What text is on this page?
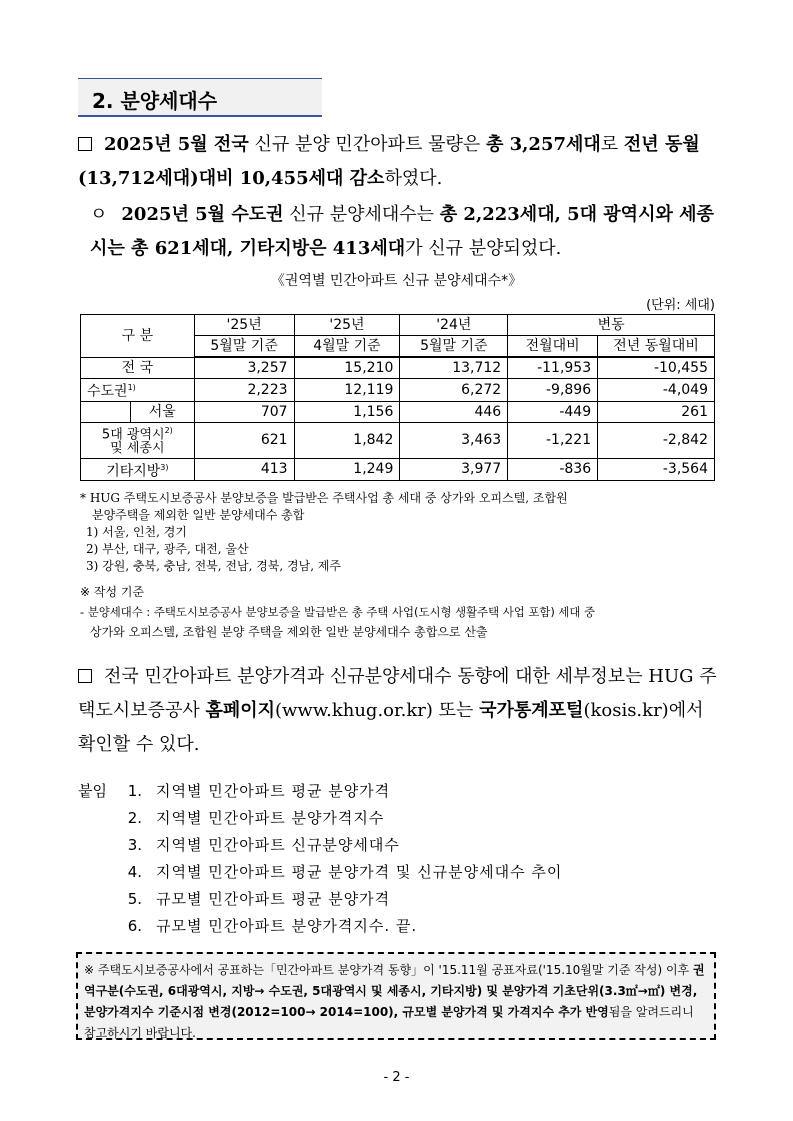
2. 분양세대수
2025년 5월 전국 신규 분양 민간아파트 물량은 총 3,257세대로 전년 동월(13,712세대)대비 10,455세대 감소하였다.
ㅇ 2025년 5월 수도권 신규 분양세대수는 총 2,223세대, 5대 광역시와 세종시는 총 621세대, 기타지방은 413세대가 신규 분양되었다.
《권역별 민간아파트 신규 분양세대수*》
(단위: 세대)
구 분		'25년	'25년	'24년	변동	
		5월말 기준	4월말 기준	5월말 기준	전월대비	전년 동월대비
전 국		3,257	15,210	13,712	-11,953	-10,455
수도권$^{1)}$		2,223	12,119	6,272	-9,896	-4,049
	서울	707	1,156	446	-449	261
5대 광역시$^{2)}$
및 세종시		621	1,842	3,463	-1,221	-2,842
기타지방$^{3)}$		413	1,249	3,977	-836	-3,564
* HUG 주택도시보증공사 분양보증을 발급받은 주택사업 총 세대 중 상가와 오피스텔, 조합원
분양주택을 제외한 일반 분양세대수 총합
1) 서울, 인천, 경기
2) 부산, 대구, 광주, 대전, 울산
3) 강원, 충북, 충남, 전북, 전남, 경북, 경남, 제주
※ 작성 기준
- 분양세대수 : 주택도시보증공사 분양보증을 발급받은 총 주택 사업(도시형 생활주택 사업 포함) 세대 중
상가와 오피스텔, 조합원 분양 주택을 제외한 일반 분양세대수 총합으로 산출
전국 민간아파트 분양가격과 신규분양세대수 동향에 대한 세부정보는 HUG 주택도시보증공사 홈페이지(www.khug.or.kr) 또는 국가통계포털(kosis.kr)에서 확인할 수 있다.
붙임	1. 지역별 민간아파트 평균 분양가격
2. 지역별 민간아파트 분양가격지수
3. 지역별 민간아파트 신규분양세대수
4. 지역별 민간아파트 평균 분양가격 및 신규분양세대수 추이
5. 규모별 민간아파트 평균 분양가격
6. 규모별 민간아파트 분양가격지수. 끝.
※ 주택도시보증공사에서 공표하는「민간아파트 분양가격 동향」이 '15.11월 공표자료('15.10월말 기준 작성) 이후 권역구분(수도권, 6대광역시, 지방→ 수도권, 5대광역시 및 세종시, 기타지방) 및 분양가격 기초단위(3.3㎡→㎡) 변경, 분양가격지수 기준시점 변경(2012=100→ 2014=100), 규모별 분양가격 및 가격지수 추가 반영됨을 알려드리니 참고하시기 바랍니다.
- 2 -
